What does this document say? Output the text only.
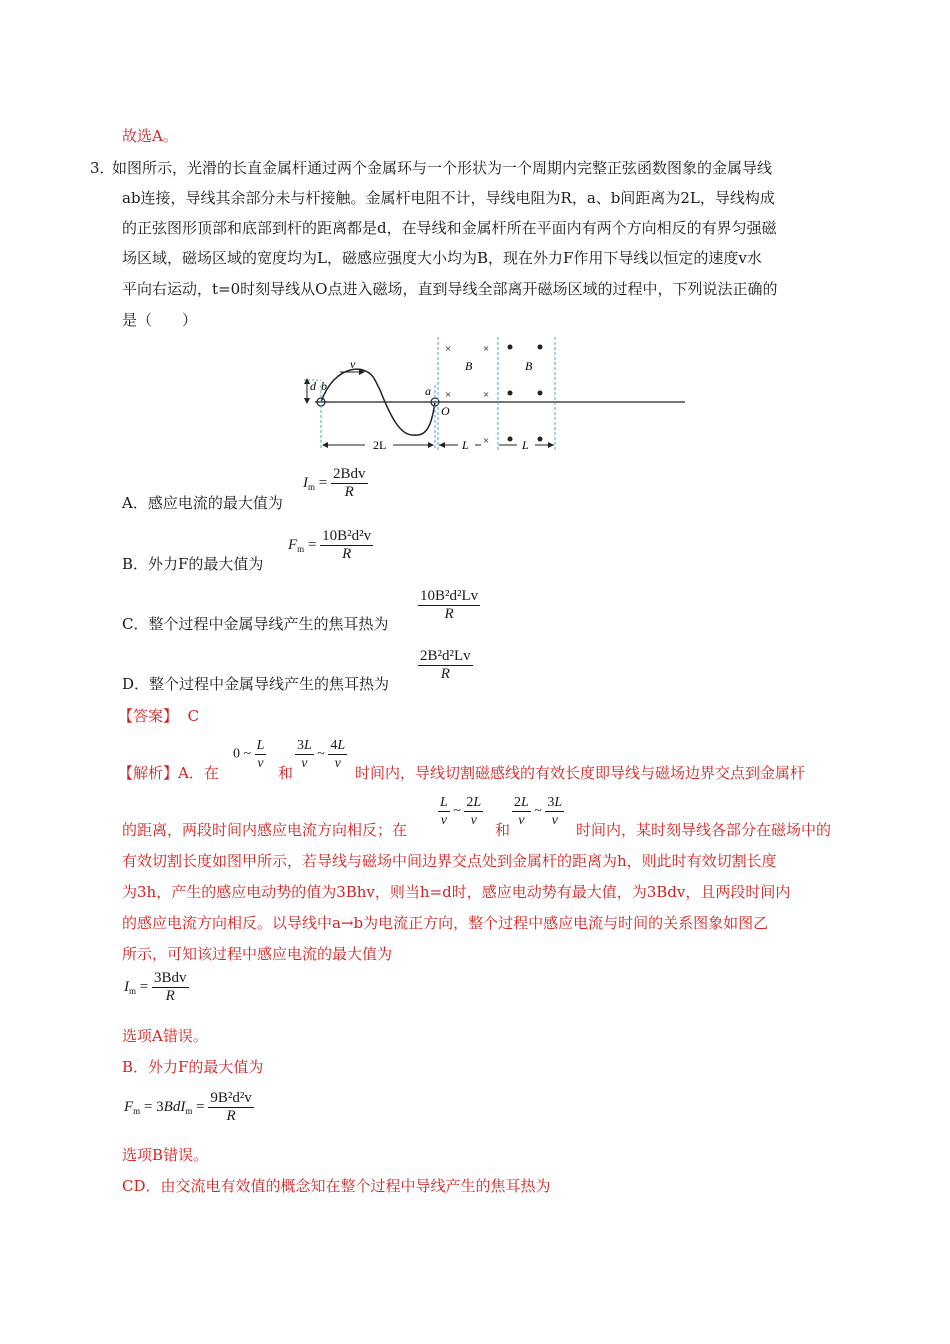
故选A。
3．
如图所示，光滑的长直金属杆通过两个金属环与一个形状为一个周期内完整正弦函数图象的金属导线
ab连接，导线其余部分未与杆接触。金属杆电阻不计，导线电阻为R，a、b间距离为2L，导线构成
的正弦图形顶部和底部到杆的距离都是d，在导线和金属杆所在平面内有两个方向相反的有界匀强磁
场区域，磁场区域的宽度均为L，磁感应强度大小均为B，现在外力F作用下导线以恒定的速度v水
平向右运动，t=0时刻导线从O点进入磁场，直到导线全部离开磁场区域的过程中，下列说法正确的
是（　　）
d b
v
a
O
×	×
×	×
×
B	B
2L	L	L
A．感应电流的最大值为
$I_m = \frac{\text{2Bdv}}{R}$
B．外力F的最大值为
$F_m = \frac{\text{10B²d²v}}{R}$
C．整个过程中金属导线产生的焦耳热为
$\frac{\text{10B²d²Lv}}{R}$
D．整个过程中金属导线产生的焦耳热为
$\frac{\text{2B²d²Lv}}{R}$
【答案】 C
【解析】A．在
0 ~ $\frac{L}{v}$
和
$\frac{3L}{v}$ ~ $\frac{4L}{v}$
时间内，导线切割磁感线的有效长度即导线与磁场边界交点到金属杆
$\frac{L}{v}$ ~ $\frac{2L}{v}$
和
$\frac{2L}{v}$ ~ $\frac{3L}{v}$
的距离，两段时间内感应电流方向相反；在	时间内，某时刻导线各部分在磁场中的
有效切割长度如图甲所示，若导线与磁场中间边界交点处到金属杆的距离为h，则此时有效切割长度
为3h，产生的感应电动势的值为3Bhv，则当h=d时，感应电动势有最大值，为3Bdv，且两段时间内
的感应电流方向相反。以导线中a→b为电流正方向，整个过程中感应电流与时间的关系图象如图乙
所示，可知该过程中感应电流的最大值为
$I_m = \frac{\text{3Bdv}}{R}$
选项A错误。
B．外力F的最大值为
$F_m = 3BdI_m = \frac{\text{9B²d²v}}{R}$
选项B错误。
CD．由交流电有效值的概念知在整个过程中导线产生的焦耳热为
